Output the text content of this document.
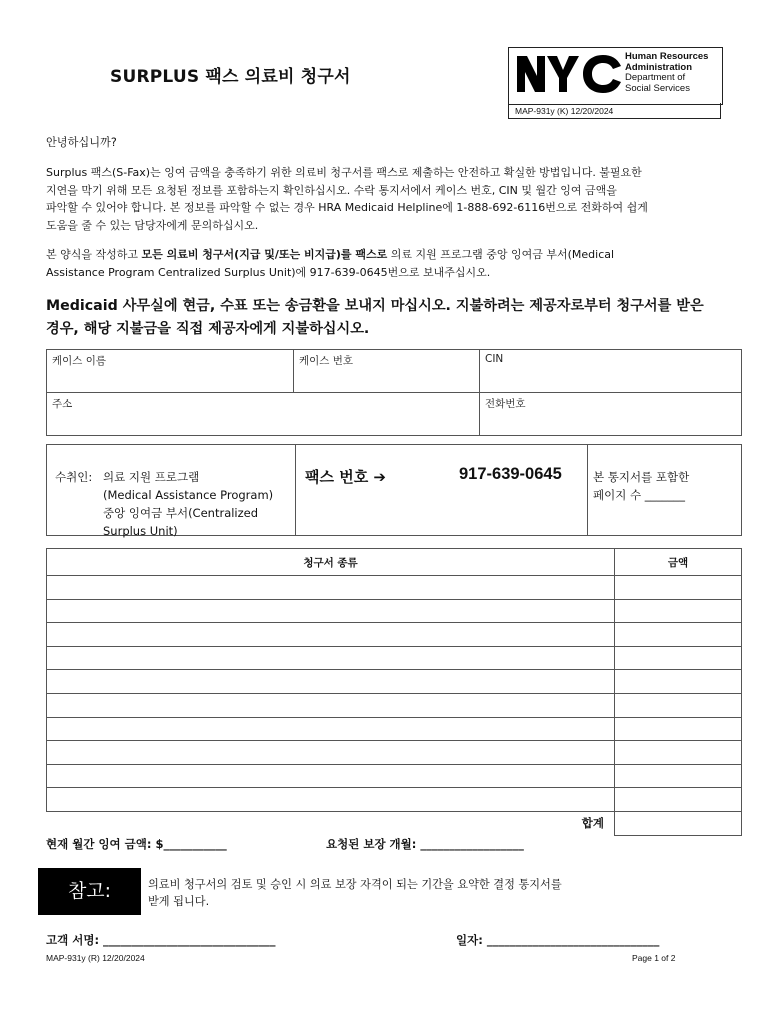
SURPLUS 팩스 의료비 청구서
Human Resources
Administration
Department of
Social Services
MAP-931y (K) 12/20/2024
안녕하십니까?
Surplus 팩스(S-Fax)는 잉여 금액을 충족하기 위한 의료비 청구서를 팩스로 제출하는 안전하고 확실한 방법입니다. 불필요한
지연을 막기 위해 모든 요청된 정보를 포함하는지 확인하십시오. 수락 통지서에서 케이스 번호, CIN 및 월간 잉여 금액을
파악할 수 있어야 합니다. 본 정보를 파악할 수 없는 경우 HRA Medicaid Helpline에 1-888-692-6116번으로 전화하여 쉽게
도움을 줄 수 있는 담당자에게 문의하십시오.
본 양식을 작성하고 모든 의료비 청구서(지급 및/또는 비지급)를 팩스로 의료 지원 프로그램 중앙 잉여금 부서(Medical
Assistance Program Centralized Surplus Unit)에 917-639-0645번으로 보내주십시오.
Medicaid 사무실에 현금, 수표 또는 송금환을 보내지 마십시오. 지불하려는 제공자로부터 청구서를 받은
경우, 해당 지불금을 직접 제공자에게 지불하십시오.
케이스 이름	케이스 번호	CIN
주소		전화번호
수취인: 의료 지원 프로그램
(Medical Assistance Program)
중앙 잉여금 부서(Centralized
Surplus Unit)
팩스 번호 ➔	917-639-0645	본 통지서를 포함한
페이지 수 _______
청구서 종류	금액

합계	
현재 월간 잉여 금액: $___________	요청된 보장 개월: __________________
참고:	의료비 청구서의 검토 및 승인 시 의료 보장 자격이 되는 기간을 요약한 결정 통지서를
받게 됩니다.
고객 서명: ______________________________	일자: ______________________________
MAP-931y (R) 12/20/2024	Page 1 of 2
